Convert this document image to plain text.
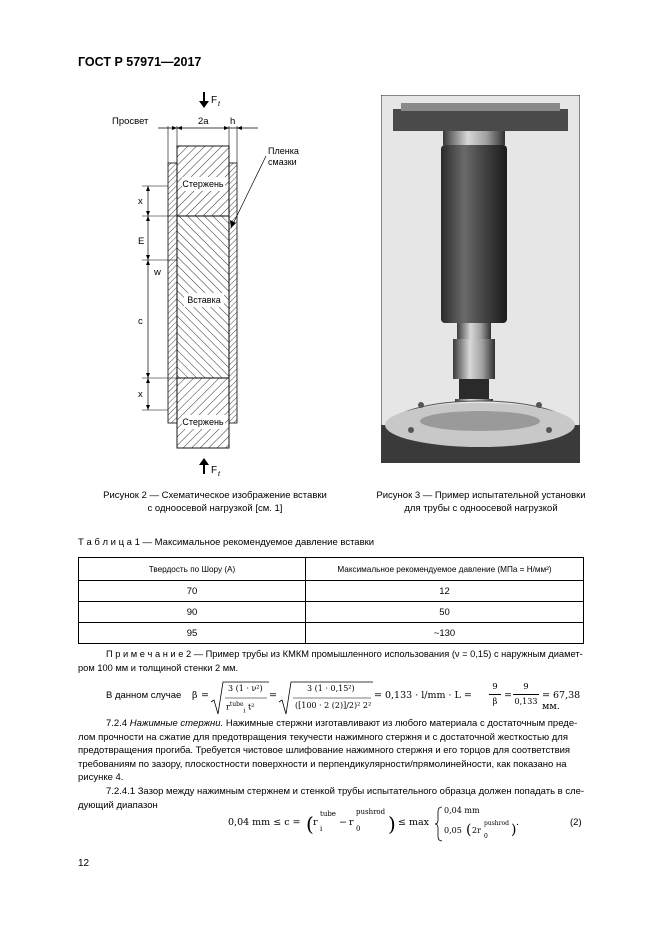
ГОСТ Р 57971—2017
F t
Просвет	2a h
Пленка
смазки
Стержень
Вставка
Стержень
x
E
w
c
x
F t
Рисунок 2 — Схематическое изображение вставки
с одноосевой нагрузкой [см. 1]
Рисунок 3 — Пример испытательной установки
для трубы с одноосевой нагрузкой
Т а б л и ц а 1 — Максимальное рекомендуемое давление вставки
Твердость по Шору (A)	Максимальное рекомендуемое давление (МПа = Н/мм²)
70	12
90	50
95	~130
П р и м е ч а н и е 2 — Пример трубы из КМКМ промышленного использования (ν = 0,15) с наружным диамет-
ром 100 мм и толщиной стенки 2 мм.
В данном случае β =
3 (1 · ν²)
$r^{tube}_i$ t²
=
3 (1 · 0,15²)
([100 · 2 (2)]/2)² 2²
= 0,133 · l/mm · L =
9
β
=
9
0,133
= 67,38 мм.
7.2.4 Нажимные стержни. Нажимные стержни изготавливают из любого материала с достаточным преде-
лом прочности на сжатие для предотвращения текучести нажимного стержня и с достаточной жесткостью для
предотвращения прогиба. Требуется чистовое шлифование нажимного стержня и его торцов для соответствия
требованиям по зазору, плоскостности поверхности и перпендикулярности/прямолинейности, как показано на
рисунке 4.
7.2.4.1 Зазор между нажимным стержнем и стенкой трубы испытательного образца должен попадать в сле-
дующий диапазон
0,04 mm ≤ c = ( r
tube
i
− r
pushrod
0 ) ≤ max
0,04 mm
0,05 ( 2r
pushrod
0 ) .	(2)
12
